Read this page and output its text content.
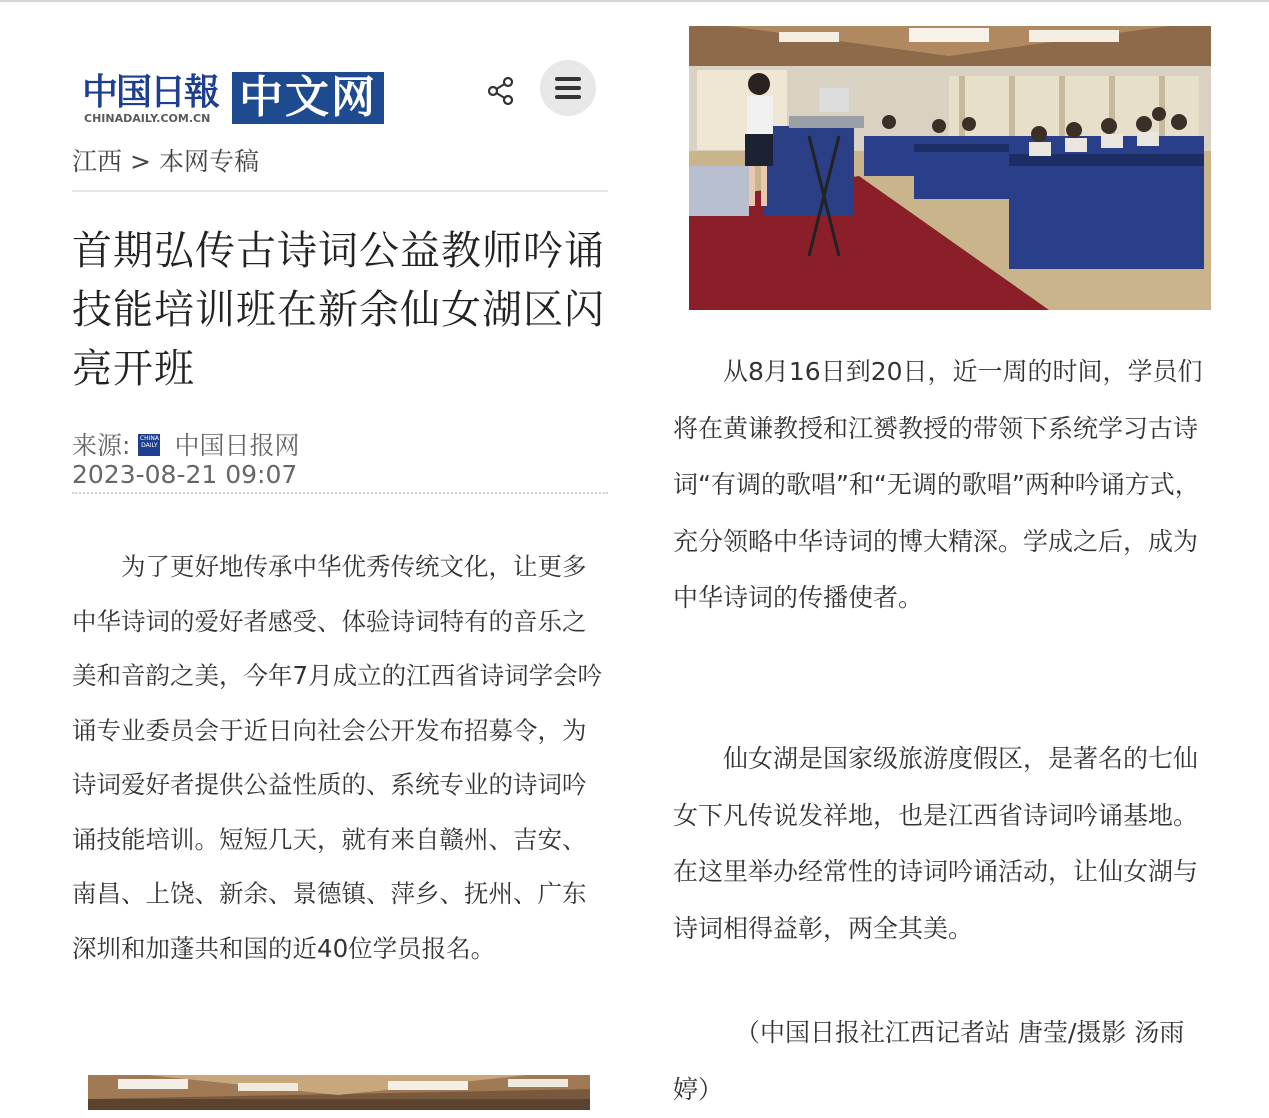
中国日報
CHINADAILY.COM.CN 中文网
江西 > 本网专稿
首期弘传古诗词公益教师吟诵技能培训班在新余仙女湖区闪亮开班
来源: CHINA DAILY 中国日报网
2023-08-21 09:07

为了更好地传承中华优秀传统文化，让更多中华诗词的爱好者感受、体验诗词特有的音乐之美和音韵之美，今年7月成立的江西省诗词学会吟诵专业委员会于近日向社会公开发布招募令，为诗词爱好者提供公益性质的、系统专业的诗词吟诵技能培训。短短几天，就有来自赣州、吉安、南昌、上饶、新余、景德镇、萍乡、抚州、广东深圳和加蓬共和国的近40位学员报名。

从8月16日到20日，近一周的时间，学员们将在黄谦教授和江赟教授的带领下系统学习古诗词“有调的歌唱”和“无调的歌唱”两种吟诵方式，充分领略中华诗词的博大精深。学成之后，成为中华诗词的传播使者。

仙女湖是国家级旅游度假区，是著名的七仙女下凡传说发祥地，也是江西省诗词吟诵基地。在这里举办经常性的诗词吟诵活动，让仙女湖与诗词相得益彰，两全其美。

（中国日报社江西记者站 唐莹/摄影 汤雨婷）
